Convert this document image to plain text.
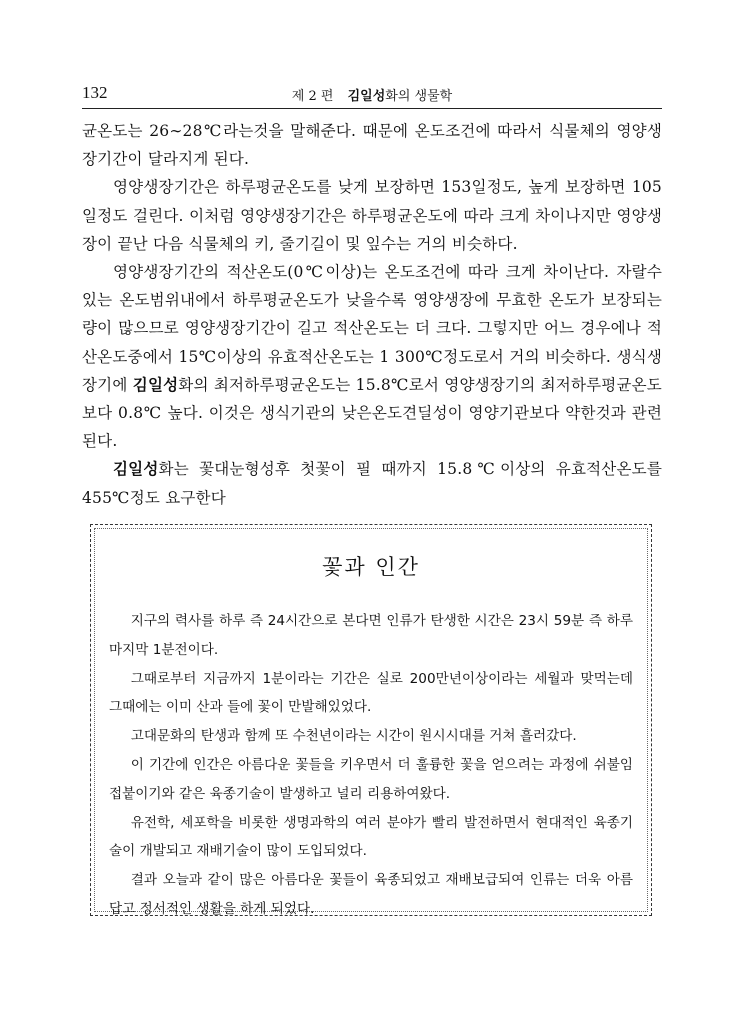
132	제 2 편 김일성화의 생물학

균온도는 26∼28℃라는것을 말해준다. 때문에 온도조건에 따라서 식물체의 영양생장기간이 달라지게 된다.

영양생장기간은 하루평균온도를 낮게 보장하면 153일정도, 높게 보장하면 105일정도 걸린다. 이처럼 영양생장기간은 하루평균온도에 따라 크게 차이나지만 영양생장이 끝난 다음 식물체의 키, 줄기길이 및 잎수는 거의 비슷하다.

영양생장기간의 적산온도(0℃이상)는 온도조건에 따라 크게 차이난다. 자랄수 있는 온도범위내에서 하루평균온도가 낮을수록 영양생장에 무효한 온도가 보장되는 량이 많으므로 영양생장기간이 길고 적산온도는 더 크다. 그렇지만 어느 경우에나 적산온도중에서 15℃이상의 유효적산온도는 1 300℃정도로서 거의 비슷하다. 생식생장기에 김일성화의 최저하루평균온도는 15.8℃로서 영양생장기의 최저하루평균온도보다 0.8℃ 높다. 이것은 생식기관의 낮은온도견딜성이 영양기관보다 약한것과 관련된다.

김일성화는 꽃대눈형성후 첫꽃이 필 때까지 15.8℃이상의 유효적산온도를 455℃정도 요구한다

꽃과 인간

지구의 력사를 하루 즉 24시간으로 본다면 인류가 탄생한 시간은 23시 59분 즉 하루 마지막 1분전이다.

그때로부터 지금까지 1분이라는 기간은 실로 200만년이상이라는 세월과 맞먹는데 그때에는 이미 산과 들에 꽃이 만발해있었다.

고대문화의 탄생과 함께 또 수천년이라는 시간이 원시시대를 거쳐 흘러갔다.

이 기간에 인간은 아름다운 꽃들을 키우면서 더 훌륭한 꽃을 얻으려는 과정에 쉬불임접붙이기와 같은 육종기술이 발생하고 널리 리용하여왔다.

유전학, 세포학을 비롯한 생명과학의 여러 분야가 빨리 발전하면서 현대적인 육종기술이 개발되고 재배기술이 많이 도입되었다.

결과 오늘과 같이 많은 아름다운 꽃들이 육종되었고 재배보급되여 인류는 더욱 아름답고 정서적인 생활을 하게 되었다.
